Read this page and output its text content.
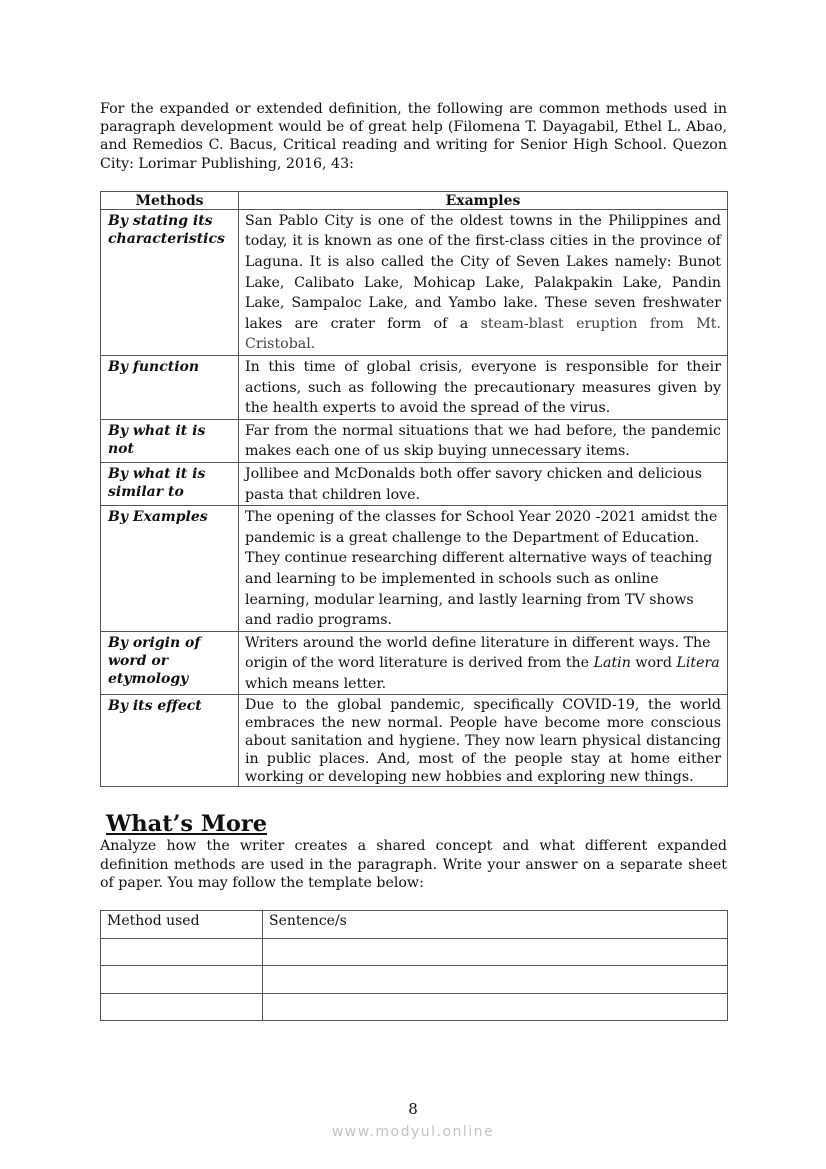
For the expanded or extended definition, the following are common methods used in paragraph development would be of great help (Filomena T. Dayagabil, Ethel L. Abao, and Remedios C. Bacus, Critical reading and writing for Senior High School. Quezon City: Lorimar Publishing, 2016, 43:

Methods	Examples
By stating its characteristics	San Pablo City is one of the oldest towns in the Philippines and today, it is known as one of the first-class cities in the province of Laguna. It is also called the City of Seven Lakes namely: Bunot Lake, Calibato Lake, Mohicap Lake, Palakpakin Lake, Pandin Lake, Sampaloc Lake, and Yambo lake. These seven freshwater lakes are crater form of a steam-blast eruption from Mt. Cristobal.
By function	In this time of global crisis, everyone is responsible for their actions, such as following the precautionary measures given by the health experts to avoid the spread of the virus.
By what it is not	Far from the normal situations that we had before, the pandemic makes each one of us skip buying unnecessary items.
By what it is similar to	Jollibee and McDonalds both offer savory chicken and delicious pasta that children love.
By Examples	The opening of the classes for School Year 2020 -2021 amidst the pandemic is a great challenge to the Department of Education. They continue researching different alternative ways of teaching and learning to be implemented in schools such as online learning, modular learning, and lastly learning from TV shows and radio programs.
By origin of word or etymology	Writers around the world define literature in different ways. The origin of the word literature is derived from the Latin word Litera which means letter.
By its effect	Due to the global pandemic, specifically COVID-19, the world embraces the new normal. People have become more conscious about sanitation and hygiene. They now learn physical distancing in public places. And, most of the people stay at home either working or developing new hobbies and exploring new things.
What’s More

Analyze how the writer creates a shared concept and what different expanded definition methods are used in the paragraph. Write your answer on a separate sheet of paper. You may follow the template below:

Method used	Sentence/s

8
www.modyul.online
